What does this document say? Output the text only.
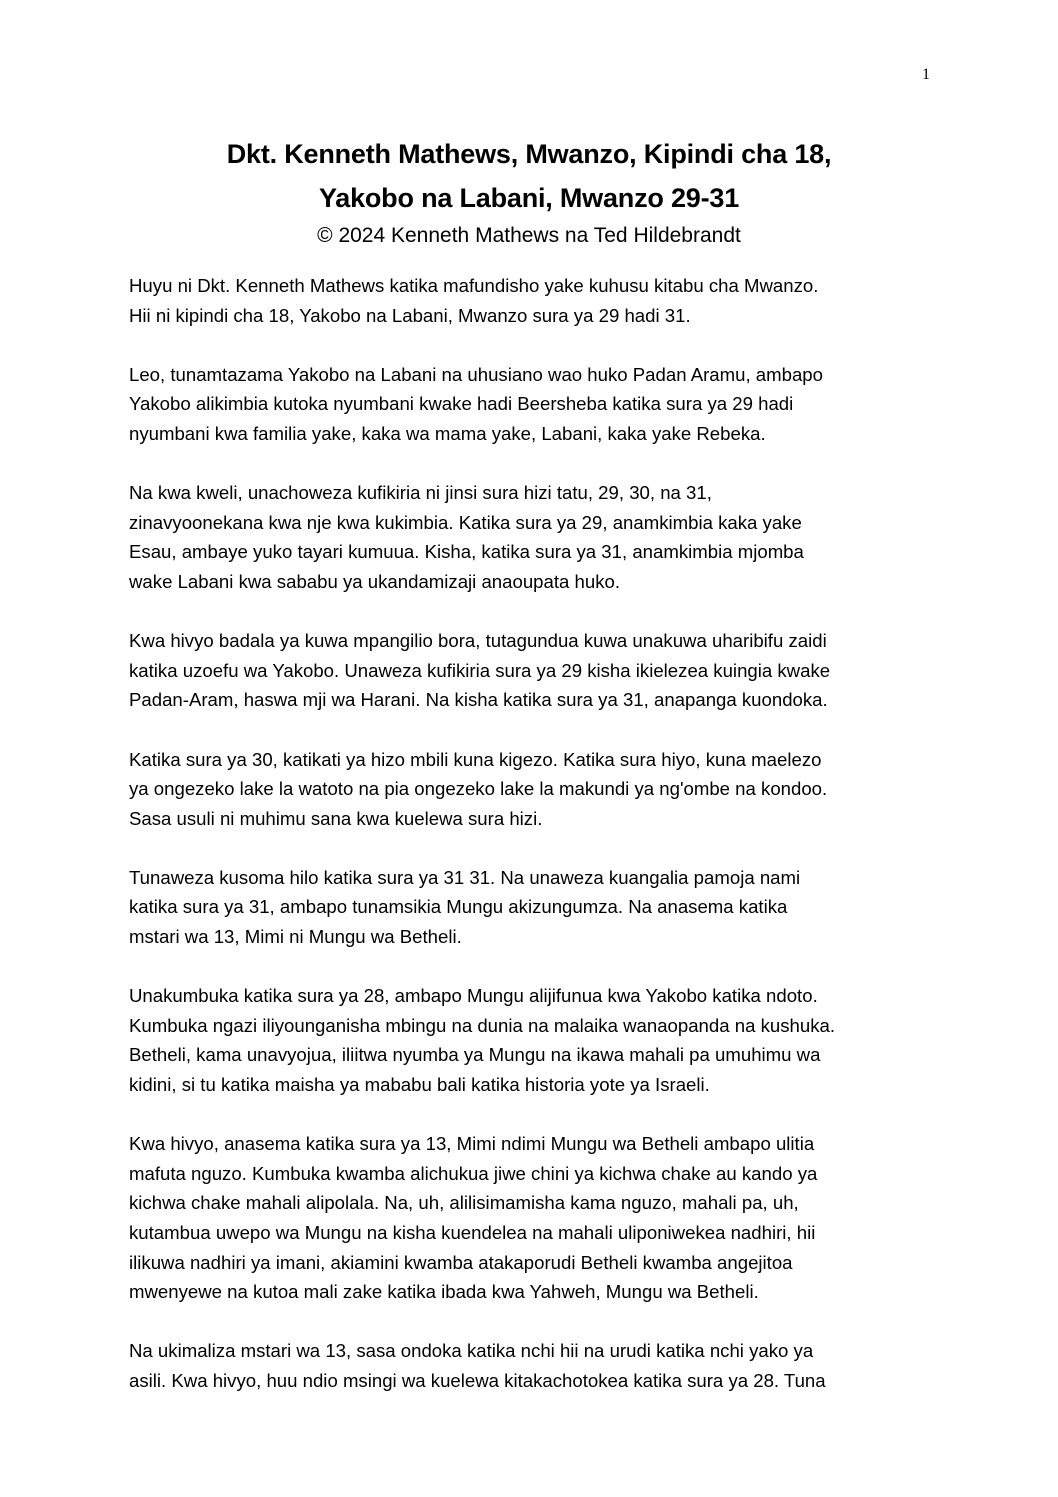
1
Dkt. Kenneth Mathews, Mwanzo, Kipindi cha 18,
Yakobo na Labani, Mwanzo 29-31
© 2024 Kenneth Mathews na Ted Hildebrandt

Huyu ni Dkt. Kenneth Mathews katika mafundisho yake kuhusu kitabu cha Mwanzo.
Hii ni kipindi cha 18, Yakobo na Labani, Mwanzo sura ya 29 hadi 31.

Leo, tunamtazama Yakobo na Labani na uhusiano wao huko Padan Aramu, ambapo
Yakobo alikimbia kutoka nyumbani kwake hadi Beersheba katika sura ya 29 hadi
nyumbani kwa familia yake, kaka wa mama yake, Labani, kaka yake Rebeka.

Na kwa kweli, unachoweza kufikiria ni jinsi sura hizi tatu, 29, 30, na 31,
zinavyoonekana kwa nje kwa kukimbia. Katika sura ya 29, anamkimbia kaka yake
Esau, ambaye yuko tayari kumuua. Kisha, katika sura ya 31, anamkimbia mjomba
wake Labani kwa sababu ya ukandamizaji anaoupata huko.

Kwa hivyo badala ya kuwa mpangilio bora, tutagundua kuwa unakuwa uharibifu zaidi
katika uzoefu wa Yakobo. Unaweza kufikiria sura ya 29 kisha ikielezea kuingia kwake
Padan-Aram, haswa mji wa Harani. Na kisha katika sura ya 31, anapanga kuondoka.

Katika sura ya 30, katikati ya hizo mbili kuna kigezo. Katika sura hiyo, kuna maelezo
ya ongezeko lake la watoto na pia ongezeko lake la makundi ya ng'ombe na kondoo.
Sasa usuli ni muhimu sana kwa kuelewa sura hizi.

Tunaweza kusoma hilo katika sura ya 31 31. Na unaweza kuangalia pamoja nami
katika sura ya 31, ambapo tunamsikia Mungu akizungumza. Na anasema katika
mstari wa 13, Mimi ni Mungu wa Betheli.

Unakumbuka katika sura ya 28, ambapo Mungu alijifunua kwa Yakobo katika ndoto.
Kumbuka ngazi iliyounganisha mbingu na dunia na malaika wanaopanda na kushuka.
Betheli, kama unavyojua, iliitwa nyumba ya Mungu na ikawa mahali pa umuhimu wa
kidini, si tu katika maisha ya mababu bali katika historia yote ya Israeli.

Kwa hivyo, anasema katika sura ya 13, Mimi ndimi Mungu wa Betheli ambapo ulitia
mafuta nguzo. Kumbuka kwamba alichukua jiwe chini ya kichwa chake au kando ya
kichwa chake mahali alipolala. Na, uh, alilisimamisha kama nguzo, mahali pa, uh,
kutambua uwepo wa Mungu na kisha kuendelea na mahali uliponiwekea nadhiri, hii
ilikuwa nadhiri ya imani, akiamini kwamba atakaporudi Betheli kwamba angejitoa
mwenyewe na kutoa mali zake katika ibada kwa Yahweh, Mungu wa Betheli.

Na ukimaliza mstari wa 13, sasa ondoka katika nchi hii na urudi katika nchi yako ya
asili. Kwa hivyo, huu ndio msingi wa kuelewa kitakachotokea katika sura ya 28. Tuna
